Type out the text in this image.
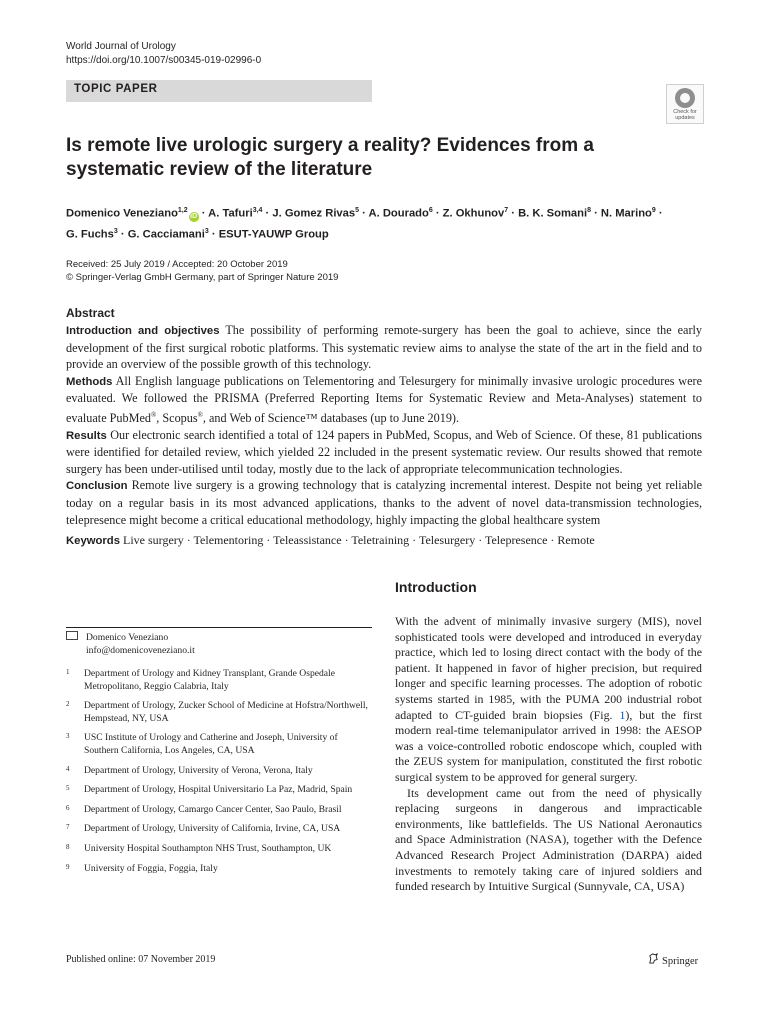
World Journal of Urology
https://doi.org/10.1007/s00345-019-02996-0
TOPIC PAPER
Check for
updates
Is remote live urologic surgery a reality? Evidences from a systematic review of the literature
Domenico Veneziano$^{1,2}$iD · A. Tafuri$^{3,4}$ · J. Gomez Rivas$^5$ · A. Dourado$^6$ · Z. Okhunov$^7$ · B. K. Somani$^8$ · N. Marino$^9$ ·
G. Fuchs$^3$ · G. Cacciamani$^3$ · ESUT-YAUWP Group
Received: 25 July 2019 / Accepted: 20 October 2019
© Springer-Verlag GmbH Germany, part of Springer Nature 2019
Abstract

Introduction and objectives The possibility of performing remote-surgery has been the goal to achieve, since the early development of the first surgical robotic platforms. This systematic review aims to analyse the state of the art in the field and to provide an overview of the possible growth of this technology.

Methods All English language publications on Telementoring and Telesurgery for minimally invasive urologic procedures were evaluated. We followed the PRISMA (Preferred Reporting Items for Systematic Review and Meta-Analyses) statement to evaluate PubMed®, Scopus®, and Web of Science™ databases (up to June 2019).

Results Our electronic search identified a total of 124 papers in PubMed, Scopus, and Web of Science. Of these, 81 publications were identified for detailed review, which yielded 22 included in the present systematic review. Our results showed that remote surgery has been under-utilised until today, mostly due to the lack of appropriate telecommunication technologies.

Conclusion Remote live surgery is a growing technology that is catalyzing incremental interest. Despite not being yet reliable today on a regular basis in its most advanced applications, thanks to the advent of novel data-transmission technologies, telepresence might become a critical educational methodology, highly impacting the global healthcare system

Keywords Live surgery · Telementoring · Teleassistance · Teletraining · Telesurgery · Telepresence · Remote
Introduction

With the advent of minimally invasive surgery (MIS), novel sophisticated tools were developed and introduced in everyday practice, which led to losing direct contact with the body of the patient. It happened in favor of higher precision, but required longer and specific learning processes. The adoption of robotic systems started in 1985, with the PUMA 200 industrial robot adapted to CT-guided brain biopsies (Fig. 1), but the first modern real-time telemanipulator arrived in 1998: the AESOP was a voice-controlled robotic endoscope which, coupled with the ZEUS system for manipulation, constituted the first robotic surgical system to be approved for general surgery.

Its development came out from the need of physically replacing surgeons in dangerous and impracticable environments, like battlefields. The US National Aeronautics and Space Administration (NASA), together with the Defence Advanced Research Project Administration (DARPA) aided investments to remotely taking care of injured soldiers and funded research by Intuitive Surgical (Sunnyvale, CA, USA)

Domenico Veneziano
info@domenicoveneziano.it
1 Department of Urology and Kidney Transplant, Grande Ospedale Metropolitano, Reggio Calabria, Italy
2 Department of Urology, Zucker School of Medicine at Hofstra/Northwell, Hempstead, NY, USA
3 USC Institute of Urology and Catherine and Joseph, University of Southern California, Los Angeles, CA, USA
4 Department of Urology, University of Verona, Verona, Italy
5 Department of Urology, Hospital Universitario La Paz, Madrid, Spain
6 Department of Urology, Camargo Cancer Center, Sao Paulo, Brasil
7 Department of Urology, University of California, Irvine, CA, USA
8 University Hospital Southampton NHS Trust, Southampton, UK
9 University of Foggia, Foggia, Italy
Published online: 07 November 2019	Springer
